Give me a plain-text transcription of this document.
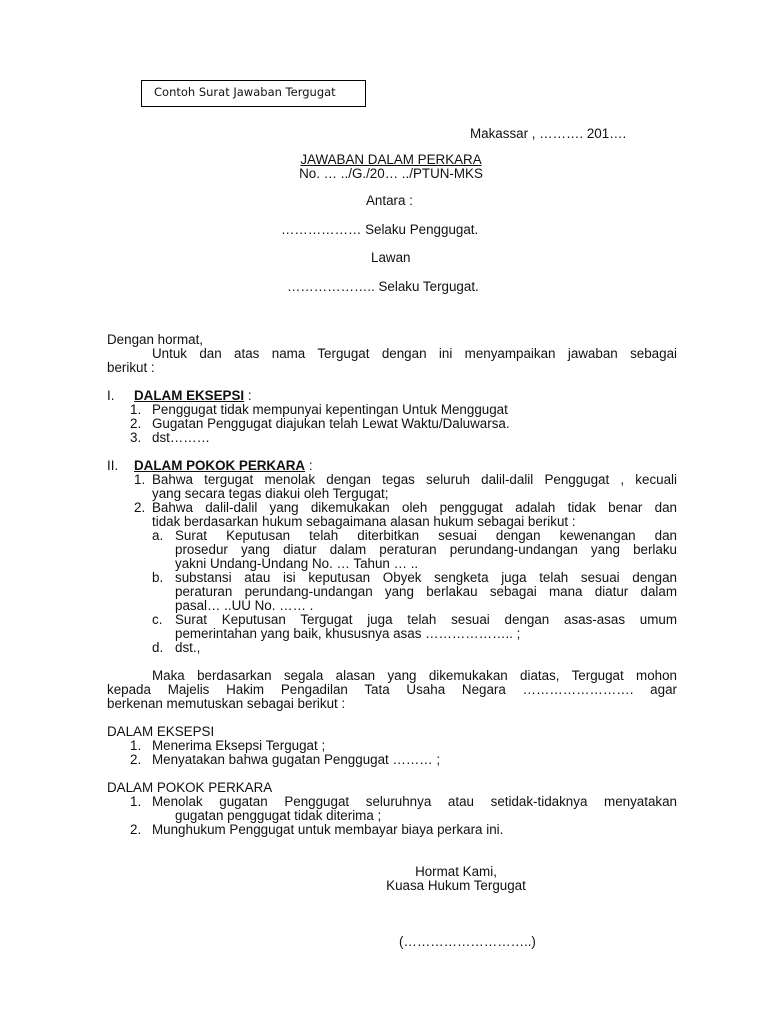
Contoh Surat Jawaban Tergugat
Makassar , ………. 201….
JAWABAN DALAM PERKARA
No. … ../G./20… ../PTUN-MKS
Antara :
……………… Selaku Penggugat.
Lawan
……………….. Selaku Tergugat.
Dengan hormat,
Untuk dan atas nama Tergugat dengan ini menyampaikan jawaban sebagai
berikut :
I. DALAM EKSEPSI :
1. Penggugat tidak mempunyai kepentingan Untuk Menggugat
2. Gugatan Penggugat diajukan telah Lewat Waktu/Daluwarsa.
3. dst………
II. DALAM POKOK PERKARA :
1. Bahwa tergugat menolak dengan tegas seluruh dalil-dalil Penggugat , kecuali
yang secara tegas diakui oleh Tergugat;
2. Bahwa dalil-dalil yang dikemukakan oleh penggugat adalah tidak benar dan
tidak berdasarkan hukum sebagaimana alasan hukum sebagai berikut :
a. Surat Keputusan telah diterbitkan sesuai dengan kewenangan dan
prosedur yang diatur dalam peraturan perundang-undangan yang berlaku
yakni Undang-Undang No. … Tahun … ..
b. substansi atau isi keputusan Obyek sengketa juga telah sesuai dengan
peraturan perundang-undangan yang berlakau sebagai mana diatur dalam
pasal… ..UU No. …… .
c. Surat Keputusan Tergugat juga telah sesuai dengan asas-asas umum
pemerintahan yang baik, khususnya asas ……………….. ;
d. dst.,
Maka berdasarkan segala alasan yang dikemukakan diatas, Tergugat mohon
kepada Majelis Hakim Pengadilan Tata Usaha Negara ……………………. agar
berkenan memutuskan sebagai berikut :
DALAM EKSEPSI
1. Menerima Eksepsi Tergugat ;
2. Menyatakan bahwa gugatan Penggugat ……… ;
DALAM POKOK PERKARA
1. Menolak gugatan Penggugat seluruhnya atau setidak-tidaknya menyatakan
gugatan penggugat tidak diterima ;
2. Munghukum Penggugat untuk membayar biaya perkara ini.
Hormat Kami,
Kuasa Hukum Tergugat
(………………………..)
